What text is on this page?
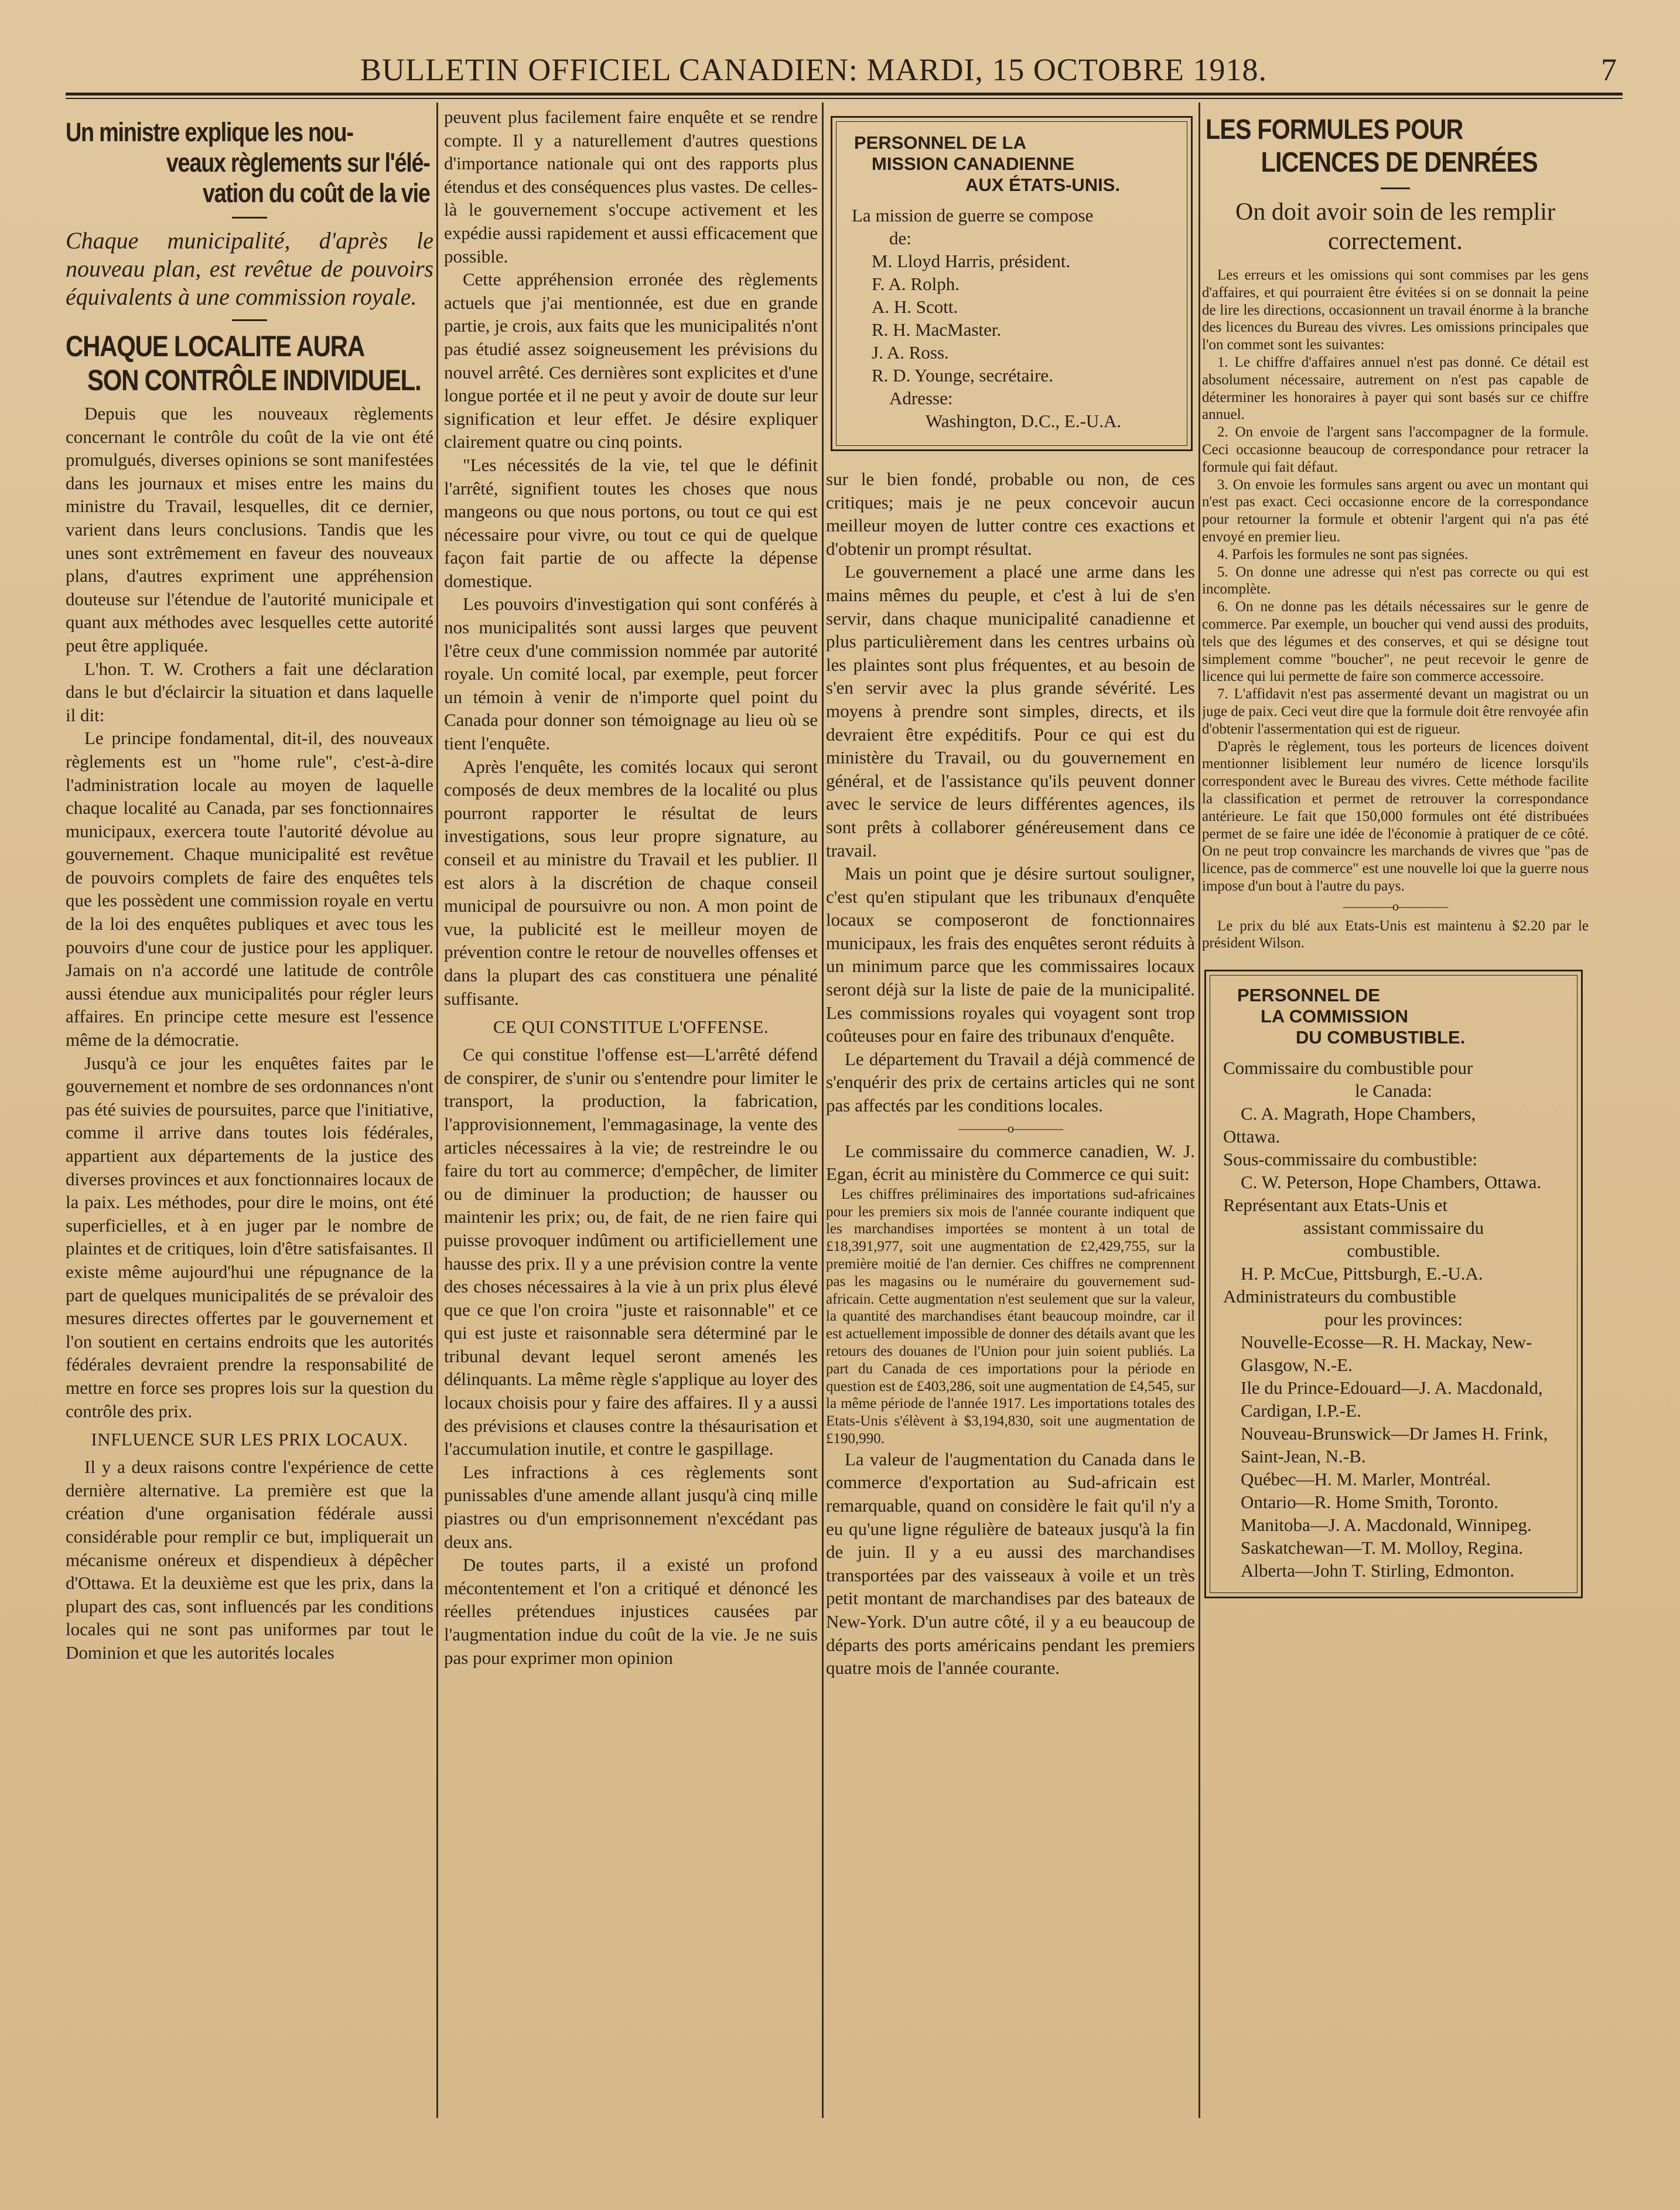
BULLETIN OFFICIEL CANADIEN: MARDI, 15 OCTOBRE 1918.	7
Un ministre explique les nou-
veaux règlements sur l'élé-
vation du coût de la vie

Chaque municipalité, d'après le nouveau plan, est revêtue de pouvoirs équivalents à une commission royale.

CHAQUE LOCALITE AURA
SON CONTRÔLE INDIVIDUEL.

Depuis que les nouveaux règlements concernant le contrôle du coût de la vie ont été promulgués, diverses opinions se sont manifestées dans les journaux et mises entre les mains du ministre du Travail, lesquelles, dit ce dernier, varient dans leurs conclusions. Tandis que les unes sont extrêmement en faveur des nouveaux plans, d'autres expriment une appréhension douteuse sur l'étendue de l'autorité municipale et quant aux méthodes avec lesquelles cette autorité peut être appliquée.

L'hon. T. W. Crothers a fait une déclaration dans le but d'éclaircir la situation et dans laquelle il dit:

Le principe fondamental, dit-il, des nouveaux règlements est un "home rule", c'est-à-dire l'administration locale au moyen de laquelle chaque localité au Canada, par ses fonctionnaires municipaux, exercera toute l'autorité dévolue au gouvernement. Chaque municipalité est revêtue de pouvoirs complets de faire des enquêtes tels que les possèdent une commission royale en vertu de la loi des enquêtes publiques et avec tous les pouvoirs d'une cour de justice pour les appliquer. Jamais on n'a accordé une latitude de contrôle aussi étendue aux municipalités pour régler leurs affaires. En principe cette mesure est l'essence même de la démocratie.

Jusqu'à ce jour les enquêtes faites par le gouvernement et nombre de ses ordonnances n'ont pas été suivies de poursuites, parce que l'initiative, comme il arrive dans toutes lois fédérales, appartient aux départements de la justice des diverses provinces et aux fonctionnaires locaux de la paix. Les méthodes, pour dire le moins, ont été superficielles, et à en juger par le nombre de plaintes et de critiques, loin d'être satisfaisantes. Il existe même aujourd'hui une répugnance de la part de quelques municipalités de se prévaloir des mesures directes offertes par le gouvernement et l'on soutient en certains endroits que les autorités fédérales devraient prendre la responsabilité de mettre en force ses propres lois sur la question du contrôle des prix.

INFLUENCE SUR LES PRIX LOCAUX.

Il y a deux raisons contre l'expérience de cette dernière alternative. La première est que la création d'une organisation fédérale aussi considérable pour remplir ce but, impliquerait un mécanisme onéreux et dispendieux à dépêcher d'Ottawa. Et la deuxième est que les prix, dans la plupart des cas, sont influencés par les conditions locales qui ne sont pas uniformes par tout le Dominion et que les autorités locales

peuvent plus facilement faire enquête et se rendre compte. Il y a naturellement d'autres questions d'importance nationale qui ont des rapports plus étendus et des conséquences plus vastes. De celles-là le gouvernement s'occupe activement et les expédie aussi rapidement et aussi efficacement que possible.

Cette appréhension erronée des règlements actuels que j'ai mentionnée, est due en grande partie, je crois, aux faits que les municipalités n'ont pas étudié assez soigneusement les prévisions du nouvel arrêté. Ces dernières sont explicites et d'une longue portée et il ne peut y avoir de doute sur leur signification et leur effet. Je désire expliquer clairement quatre ou cinq points.

"Les nécessités de la vie, tel que le définit l'arrêté, signifient toutes les choses que nous mangeons ou que nous portons, ou tout ce qui est nécessaire pour vivre, ou tout ce qui de quelque façon fait partie de ou affecte la dépense domestique.

Les pouvoirs d'investigation qui sont conférés à nos municipalités sont aussi larges que peuvent l'être ceux d'une commission nommée par autorité royale. Un comité local, par exemple, peut forcer un témoin à venir de n'importe quel point du Canada pour donner son témoignage au lieu où se tient l'enquête.

Après l'enquête, les comités locaux qui seront composés de deux membres de la localité ou plus pourront rapporter le résultat de leurs investigations, sous leur propre signature, au conseil et au ministre du Travail et les publier. Il est alors à la discrétion de chaque conseil municipal de poursuivre ou non. A mon point de vue, la publicité est le meilleur moyen de prévention contre le retour de nouvelles offenses et dans la plupart des cas constituera une pénalité suffisante.

CE QUI CONSTITUE L'OFFENSE.

Ce qui constitue l'offense est—L'arrêté défend de conspirer, de s'unir ou s'entendre pour limiter le transport, la production, la fabrication, l'approvisionnement, l'emmagasinage, la vente des articles nécessaires à la vie; de restreindre le ou faire du tort au commerce; d'empêcher, de limiter ou de diminuer la production; de hausser ou maintenir les prix; ou, de fait, de ne rien faire qui puisse provoquer indûment ou artificiellement une hausse des prix. Il y a une prévision contre la vente des choses nécessaires à la vie à un prix plus élevé que ce que l'on croira "juste et raisonnable" et ce qui est juste et raisonnable sera déterminé par le tribunal devant lequel seront amenés les délinquants. La même règle s'applique au loyer des locaux choisis pour y faire des affaires. Il y a aussi des prévisions et clauses contre la thésaurisation et l'accumulation inutile, et contre le gaspillage.

Les infractions à ces règlements sont punissables d'une amende allant jusqu'à cinq mille piastres ou d'un emprisonnement n'excédant pas deux ans.

De toutes parts, il a existé un profond mécontentement et l'on a critiqué et dénoncé les réelles prétendues injustices causées par l'augmentation indue du coût de la vie. Je ne suis pas pour exprimer mon opinion

PERSONNEL DE LA
MISSION CANADIENNE
AUX ÉTATS-UNIS.
La mission de guerre se compose
de:
M. Lloyd Harris, président.
F. A. Rolph.
A. H. Scott.
R. H. MacMaster.
J. A. Ross.
R. D. Younge, secrétaire.
Adresse:
Washington, D.C., E.-U.A.

sur le bien fondé, probable ou non, de ces critiques; mais je ne peux concevoir aucun meilleur moyen de lutter contre ces exactions et d'obtenir un prompt résultat.

Le gouvernement a placé une arme dans les mains mêmes du peuple, et c'est à lui de s'en servir, dans chaque municipalité canadienne et plus particulièrement dans les centres urbains où les plaintes sont plus fréquentes, et au besoin de s'en servir avec la plus grande sévérité. Les moyens à prendre sont simples, directs, et ils devraient être expéditifs. Pour ce qui est du ministère du Travail, ou du gouvernement en général, et de l'assistance qu'ils peuvent donner avec le service de leurs différentes agences, ils sont prêts à collaborer généreusement dans ce travail.

Mais un point que je désire surtout souligner, c'est qu'en stipulant que les tribunaux d'enquête locaux se composeront de fonctionnaires municipaux, les frais des enquêtes seront réduits à un minimum parce que les commissaires locaux seront déjà sur la liste de paie de la municipalité. Les commissions royales qui voyagent sont trop coûteuses pour en faire des tribunaux d'enquête.

Le département du Travail a déjà commencé de s'enquérir des prix de certains articles qui ne sont pas affectés par les conditions locales.

————o————

Le commissaire du commerce canadien, W. J. Egan, écrit au ministère du Commerce ce qui suit:

Les chiffres préliminaires des importations sud-africaines pour les premiers six mois de l'année courante indiquent que les marchandises importées se montent à un total de £18,391,977, soit une augmentation de £2,429,755, sur la première moitié de l'an dernier. Ces chiffres ne comprennent pas les magasins ou le numéraire du gouvernement sud-africain. Cette augmentation n'est seulement que sur la valeur, la quantité des marchandises étant beaucoup moindre, car il est actuellement impossible de donner des détails avant que les retours des douanes de l'Union pour juin soient publiés. La part du Canada de ces importations pour la période en question est de £403,286, soit une augmentation de £4,545, sur la même période de l'année 1917. Les importations totales des Etats-Unis s'élèvent à $3,194,830, soit une augmentation de £190,990.

La valeur de l'augmentation du Canada dans le commerce d'exportation au Sud-africain est remarquable, quand on considère le fait qu'il n'y a eu qu'une ligne régulière de bateaux jusqu'à la fin de juin. Il y a eu aussi des marchandises transportées par des vaisseaux à voile et un très petit montant de marchandises par des bateaux de New-York. D'un autre côté, il y a eu beaucoup de départs des ports américains pendant les premiers quatre mois de l'année courante.

LES FORMULES POUR
LICENCES DE DENRÉES
On doit avoir soin de les remplir correctement.

Les erreurs et les omissions qui sont commises par les gens d'affaires, et qui pourraient être évitées si on se donnait la peine de lire les directions, occasionnent un travail énorme à la branche des licences du Bureau des vivres. Les omissions principales que l'on commet sont les suivantes:

1. Le chiffre d'affaires annuel n'est pas donné. Ce détail est absolument nécessaire, autrement on n'est pas capable de déterminer les honoraires à payer qui sont basés sur ce chiffre annuel.

2. On envoie de l'argent sans l'accompagner de la formule. Ceci occasionne beaucoup de correspondance pour retracer la formule qui fait défaut.

3. On envoie les formules sans argent ou avec un montant qui n'est pas exact. Ceci occasionne encore de la correspondance pour retourner la formule et obtenir l'argent qui n'a pas été envoyé en premier lieu.

4. Parfois les formules ne sont pas signées.

5. On donne une adresse qui n'est pas correcte ou qui est incomplète.

6. On ne donne pas les détails nécessaires sur le genre de commerce. Par exemple, un boucher qui vend aussi des produits, tels que des légumes et des conserves, et qui se désigne tout simplement comme "boucher", ne peut recevoir le genre de licence qui lui permette de faire son commerce accessoire.

7. L'affidavit n'est pas assermenté devant un magistrat ou un juge de paix. Ceci veut dire que la formule doit être renvoyée afin d'obtenir l'assermentation qui est de rigueur.

D'après le règlement, tous les porteurs de licences doivent mentionner lisiblement leur numéro de licence lorsqu'ils correspondent avec le Bureau des vivres. Cette méthode facilite la classification et permet de retrouver la correspondance antérieure. Le fait que 150,000 formules ont été distribuées permet de se faire une idée de l'économie à pratiquer de ce côté. On ne peut trop convaincre les marchands de vivres que "pas de licence, pas de commerce" est une nouvelle loi que la guerre nous impose d'un bout à l'autre du pays.

————o————

Le prix du blé aux Etats-Unis est maintenu à $2.20 par le président Wilson.

PERSONNEL DE
LA COMMISSION
DU COMBUSTIBLE.
Commissaire du combustible pour
le Canada:
C. A. Magrath, Hope Chambers,
Ottawa.
Sous-commissaire du combustible:
C. W. Peterson, Hope Chambers, Ottawa.
Représentant aux Etats-Unis et
assistant commissaire du
combustible.
H. P. McCue, Pittsburgh, E.-U.A.
Administrateurs du combustible
pour les provinces:
Nouvelle-Ecosse—R. H. Mackay, New-Glasgow, N.-E.
Ile du Prince-Edouard—J. A. Macdonald, Cardigan, I.P.-E.
Nouveau-Brunswick—Dr James H. Frink, Saint-Jean, N.-B.
Québec—H. M. Marler, Montréal.
Ontario—R. Home Smith, Toronto.
Manitoba—J. A. Macdonald, Winnipeg.
Saskatchewan—T. M. Molloy, Regina.
Alberta—John T. Stirling, Edmonton.
